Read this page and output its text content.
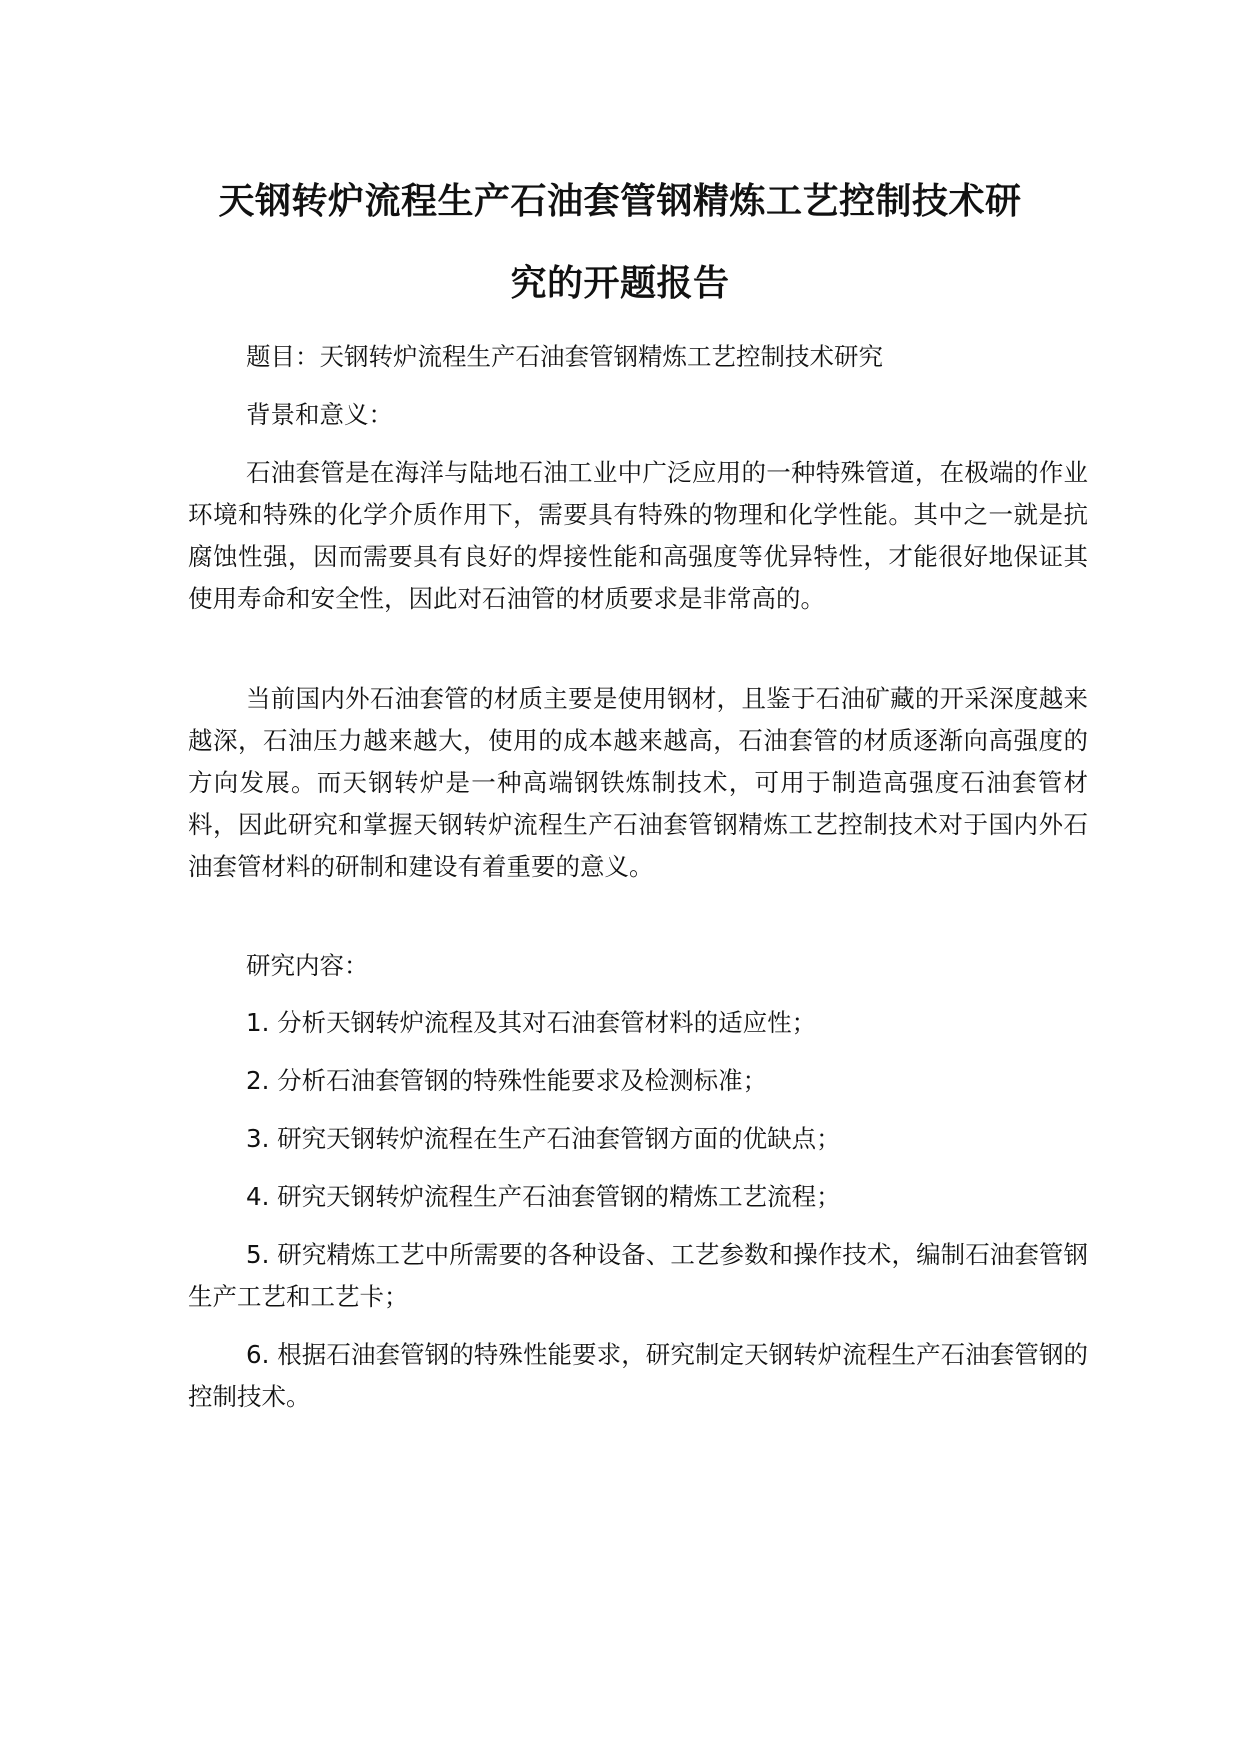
天钢转炉流程生产石油套管钢精炼工艺控制技术研
究的开题报告

题目：天钢转炉流程生产石油套管钢精炼工艺控制技术研究

背景和意义：

石油套管是在海洋与陆地石油工业中广泛应用的一种特殊管道，在极端的作业环境和特殊的化学介质作用下，需要具有特殊的物理和化学性能。其中之一就是抗腐蚀性强，因而需要具有良好的焊接性能和高强度等优异特性，才能很好地保证其使用寿命和安全性，因此对石油管的材质要求是非常高的。

当前国内外石油套管的材质主要是使用钢材，且鉴于石油矿藏的开采深度越来越深，石油压力越来越大，使用的成本越来越高，石油套管的材质逐渐向高强度的方向发展。而天钢转炉是一种高端钢铁炼制技术，可用于制造高强度石油套管材料，因此研究和掌握天钢转炉流程生产石油套管钢精炼工艺控制技术对于国内外石油套管材料的研制和建设有着重要的意义。

研究内容：

1. 分析天钢转炉流程及其对石油套管材料的适应性；

2. 分析石油套管钢的特殊性能要求及检测标准；

3. 研究天钢转炉流程在生产石油套管钢方面的优缺点；

4. 研究天钢转炉流程生产石油套管钢的精炼工艺流程；

5. 研究精炼工艺中所需要的各种设备、工艺参数和操作技术，编制石油套管钢生产工艺和工艺卡；

6. 根据石油套管钢的特殊性能要求，研究制定天钢转炉流程生产石油套管钢的控制技术。
